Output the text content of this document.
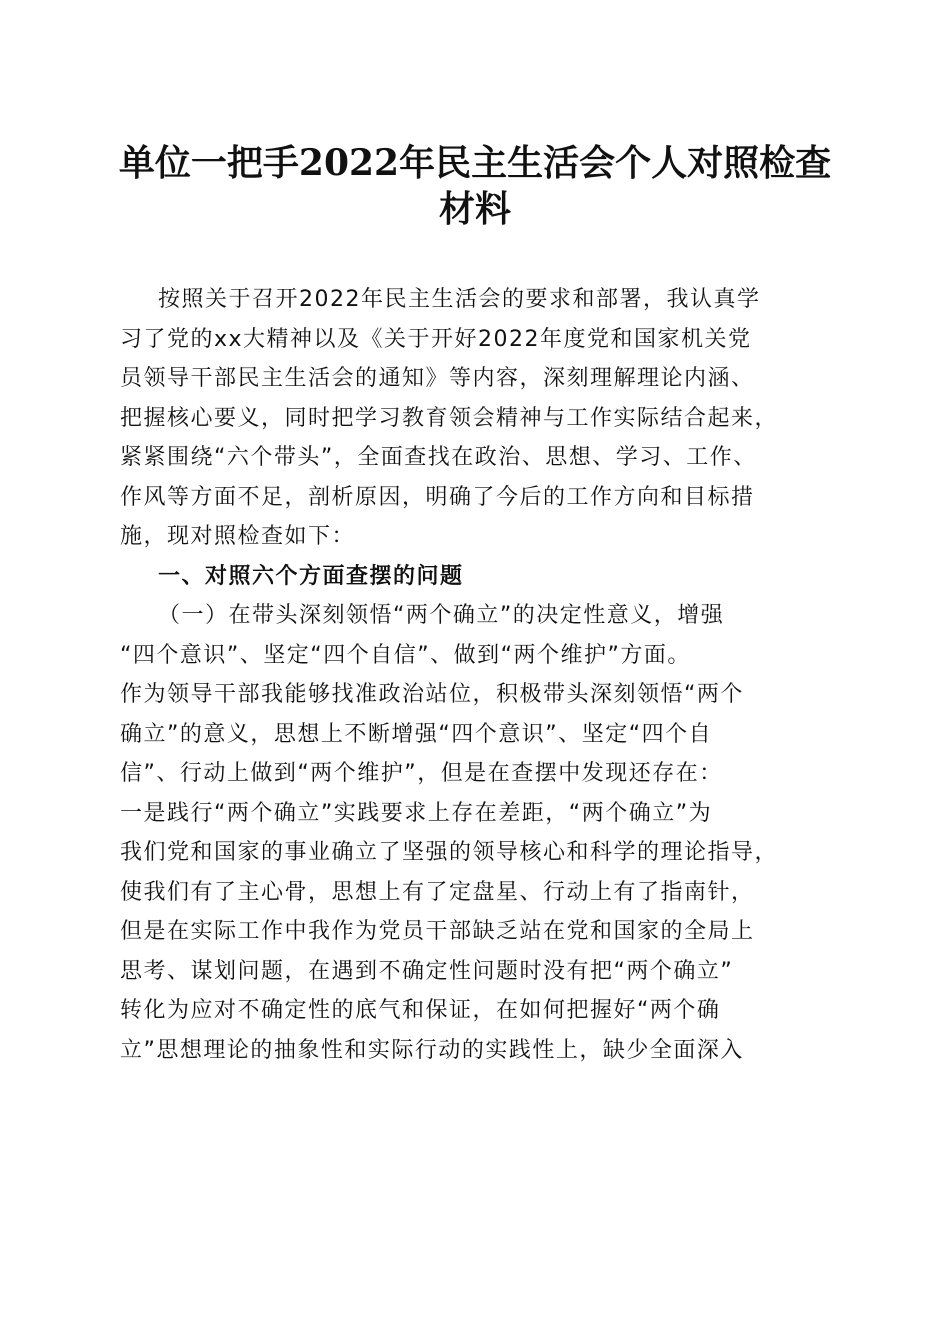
单位一把手2022年民主生活会个人对照检查
材料
按照关于召开2022年民主生活会的要求和部署，我认真学
习了党的xx大精神以及《关于开好2022年度党和国家机关党
员领导干部民主生活会的通知》等内容，深刻理解理论内涵、
把握核心要义，同时把学习教育领会精神与工作实际结合起来，
紧紧围绕“六个带头”，全面查找在政治、思想、学习、工作、
作风等方面不足，剖析原因，明确了今后的工作方向和目标措
施，现对照检查如下：
一、对照六个方面查摆的问题
（一）在带头深刻领悟“两个确立”的决定性意义，增强
“四个意识”、坚定“四个自信”、做到“两个维护”方面。
作为领导干部我能够找准政治站位，积极带头深刻领悟“两个
确立”的意义，思想上不断增强“四个意识”、坚定“四个自
信”、行动上做到“两个维护”，但是在查摆中发现还存在：
一是践行“两个确立”实践要求上存在差距，“两个确立”为
我们党和国家的事业确立了坚强的领导核心和科学的理论指导，
使我们有了主心骨，思想上有了定盘星、行动上有了指南针，
但是在实际工作中我作为党员干部缺乏站在党和国家的全局上
思考、谋划问题，在遇到不确定性问题时没有把“两个确立”
转化为应对不确定性的底气和保证，在如何把握好“两个确
立”思想理论的抽象性和实际行动的实践性上，缺少全面深入
